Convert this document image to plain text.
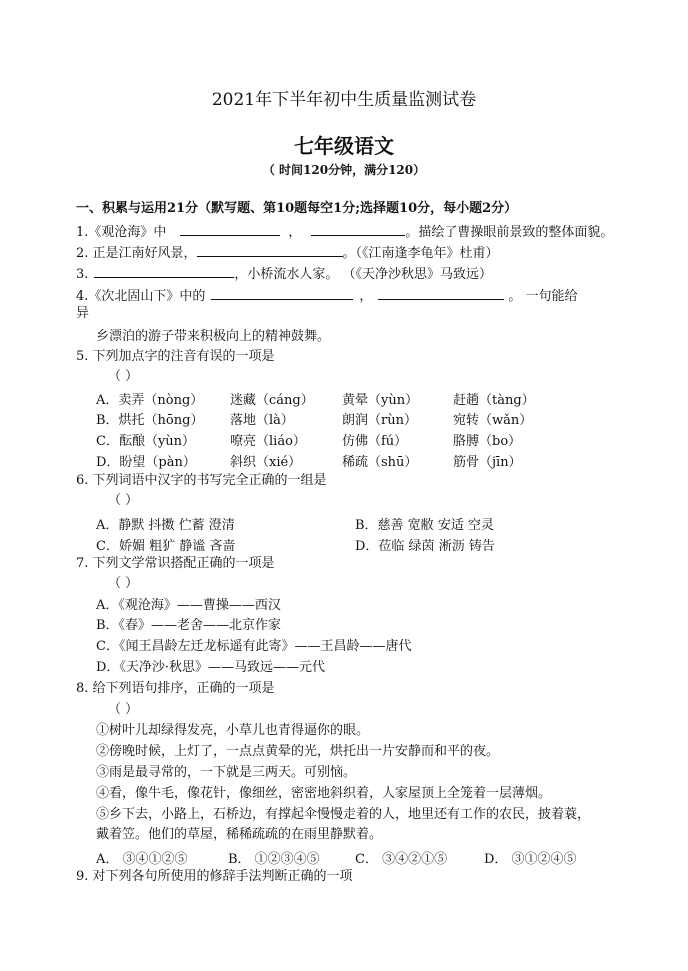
2021年下半年初中生质量监测试卷
七年级语文
（ 时间120分钟，满分120）
一、积累与运用21分（默写题、第10题每空1分;选择题10分，每小题2分）
1.《观沧海》中	，	。描绘了曹操眼前景致的整体面貌。
2. 正是江南好风景，	。（《江南逢李龟年》杜甫）
3.	，小桥流水人家。 （《天净沙秋思》马致远）
4.《次北固山下》中的	，	。 一句能给
异
乡漂泊的游子带来积极向上的精神鼓舞。
5. 下列加点字的注音有误的一项是
（ ）
A．卖弄（nòng） 迷藏（cáng） 黄晕（yùn）	赶趟（tàng）
B．烘托（hōng） 落地（là）	朗润（rùn）	宛转（wǎn）
C．酝酿（yùn）	嘹亮（liáo）	仿佛（fú）	胳膊（bo）
D．盼望（pàn）	斜织（xié）	稀疏（shū）	筋骨（jīn）
6. 下列词语中汉字的书写完全正确的一组是
（ ）
A．静默 抖擞 伫蓄 澄清	B．慈善 宽敝 安适 空灵
C．娇媚 粗犷 静谧 吝啬	D．莅临 绿茵 淅沥 铸告
7. 下列文学常识搭配正确的一项是
（ ）
A．《观沧海》——曹操——西汉
B．《春》——老舍——北京作家
C．《闻王昌龄左迁龙标遥有此寄》——王昌龄——唐代
D．《天净沙·秋思》——马致远——元代
8. 给下列语句排序，正确的一项是
（ ）
①树叶儿却绿得发亮，小草儿也青得逼你的眼。
②傍晚时候，上灯了，一点点黄晕的光，烘托出一片安静而和平的夜。
③雨是最寻常的，一下就是三两天。可别恼。
④看，像牛毛，像花针，像细丝，密密地斜织着，人家屋顶上全笼着一层薄烟。
⑤乡下去，小路上，石桥边，有撑起伞慢慢走着的人，地里还有工作的农民，披着蓑，
戴着笠。他们的草屋，稀稀疏疏的在雨里静默着。
A． ③④①②⑤	B． ①②③④⑤	C． ③④②①⑤	D． ③①②④⑤
9. 对下列各句所使用的修辞手法判断正确的一项
